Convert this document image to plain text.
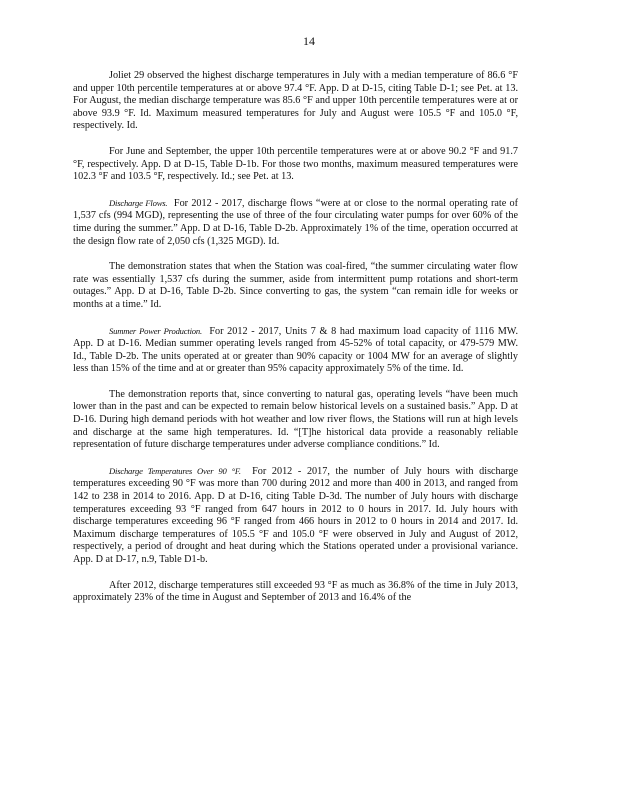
14

Joliet 29 observed the highest discharge temperatures in July with a median temperature of 86.6 °F and upper 10th percentile temperatures at or above 97.4 °F. App. D at D-15, citing Table D-1; see Pet. at 13. For August, the median discharge temperature was 85.6 °F and upper 10th percentile temperatures were at or above 93.9 °F. Id. Maximum measured temperatures for July and August were 105.5 °F and 105.0 °F, respectively. Id.

For June and September, the upper 10th percentile temperatures were at or above 90.2 °F and 91.7 °F, respectively. App. D at D-15, Table D-1b. For those two months, maximum measured temperatures were 102.3 °F and 103.5 °F, respectively. Id.; see Pet. at 13.

Discharge Flows. For 2012 - 2017, discharge flows “were at or close to the normal operating rate of 1,537 cfs (994 MGD), representing the use of three of the four circulating water pumps for over 60% of the time during the summer.” App. D at D-16, Table D-2b. Approximately 1% of the time, operation occurred at the design flow rate of 2,050 cfs (1,325 MGD). Id.

The demonstration states that when the Station was coal-fired, “the summer circulating water flow rate was essentially 1,537 cfs during the summer, aside from intermittent pump rotations and short-term outages.” App. D at D-16, Table D-2b. Since converting to gas, the system “can remain idle for weeks or months at a time.” Id.

Summer Power Production. For 2012 - 2017, Units 7 & 8 had maximum load capacity of 1116 MW. App. D at D-16. Median summer operating levels ranged from 45-52% of total capacity, or 479-579 MW. Id., Table D-2b. The units operated at or greater than 90% capacity or 1004 MW for an average of slightly less than 15% of the time and at or greater than 95% capacity approximately 5% of the time. Id.

The demonstration reports that, since converting to natural gas, operating levels “have been much lower than in the past and can be expected to remain below historical levels on a sustained basis.” App. D at D-16. During high demand periods with hot weather and low river flows, the Stations will run at high levels and discharge at the same high temperatures. Id. “[T]he historical data provide a reasonably reliable representation of future discharge temperatures under adverse compliance conditions.” Id.

Discharge Temperatures Over 90 °F. For 2012 - 2017, the number of July hours with discharge temperatures exceeding 90 °F was more than 700 during 2012 and more than 400 in 2013, and ranged from 142 to 238 in 2014 to 2016. App. D at D-16, citing Table D-3d. The number of July hours with discharge temperatures exceeding 93 °F ranged from 647 hours in 2012 to 0 hours in 2017. Id. July hours with discharge temperatures exceeding 96 °F ranged from 466 hours in 2012 to 0 hours in 2014 and 2017. Id. Maximum discharge temperatures of 105.5 °F and 105.0 °F were observed in July and August of 2012, respectively, a period of drought and heat during which the Stations operated under a provisional variance. App. D at D-17, n.9, Table D1-b.

After 2012, discharge temperatures still exceeded 93 °F as much as 36.8% of the time in July 2013, approximately 23% of the time in August and September of 2013 and 16.4% of the
